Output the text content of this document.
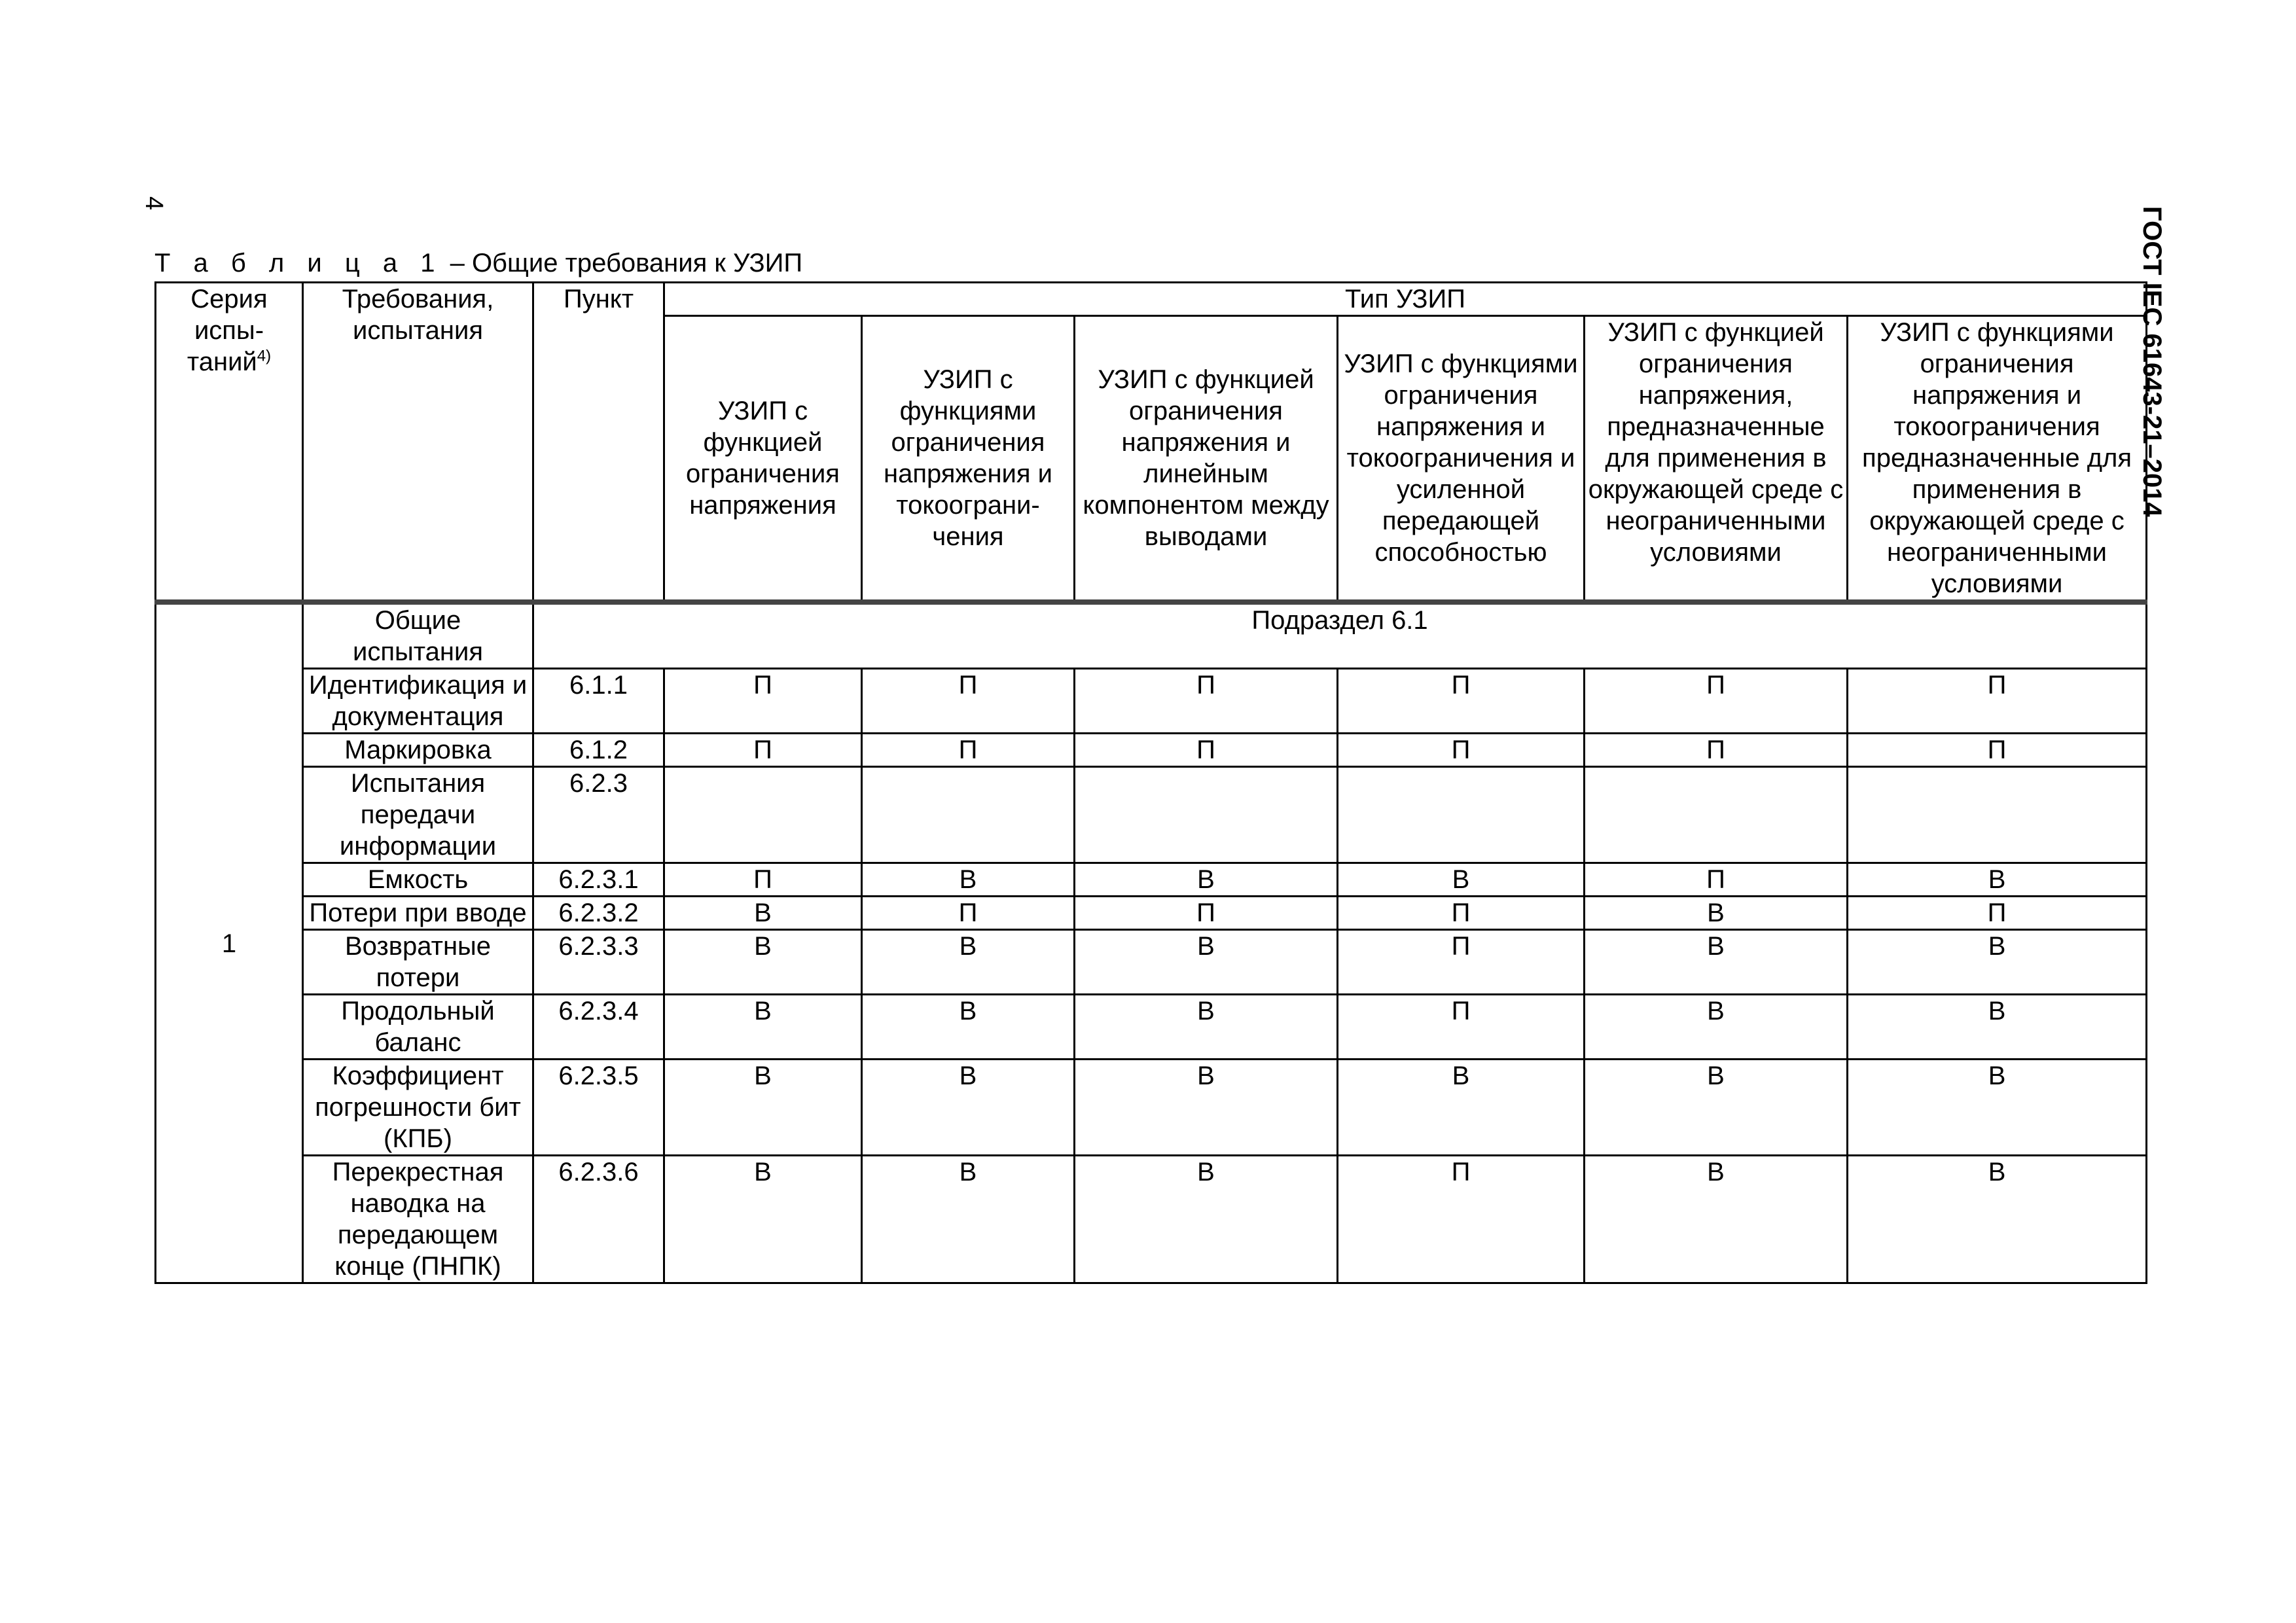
4
ГОСТ IEC 61643-21–2014
Т а б л и ц а 1 – Общие требования к УЗИП
Серия испы-таний$^{4)}$	Требования, испытания	Пункт	Тип УЗИП					
			УЗИП с функцией ограничения напряжения	УЗИП с функциями ограничения напряжения и токоограни-чения	УЗИП с функцией ограничения напряжения и линейным компонентом между выводами	УЗИП с функциями ограничения напряжения и токоограничения и усиленной передающей способностью	УЗИП с функцией ограничения напряжения, предназначенные для применения в окружающей среде с неограниченными условиями	УЗИП с функциями ограничения напряжения и токоограничения предназначенные для применения в окружающей среде с неограниченными условиями
1	Общие испытания	Подраздел 6.1						
	Идентификация и документация	6.1.1	П	П	П	П	П	П
	Маркировка	6.1.2	П	П	П	П	П	П
	Испытания передачи информации	6.2.3						
	Емкость	6.2.3.1	П	В	В	В	П	В
	Потери при вводе	6.2.3.2	В	П	П	П	В	П
	Возвратные потери	6.2.3.3	В	В	В	П	В	В
	Продольный баланс	6.2.3.4	В	В	В	П	В	В
	Коэффициент погрешности бит (КПБ)	6.2.3.5	В	В	В	В	В	В
	Перекрестная наводка на передающем конце (ПНПК)	6.2.3.6	В	В	В	П	В	В
